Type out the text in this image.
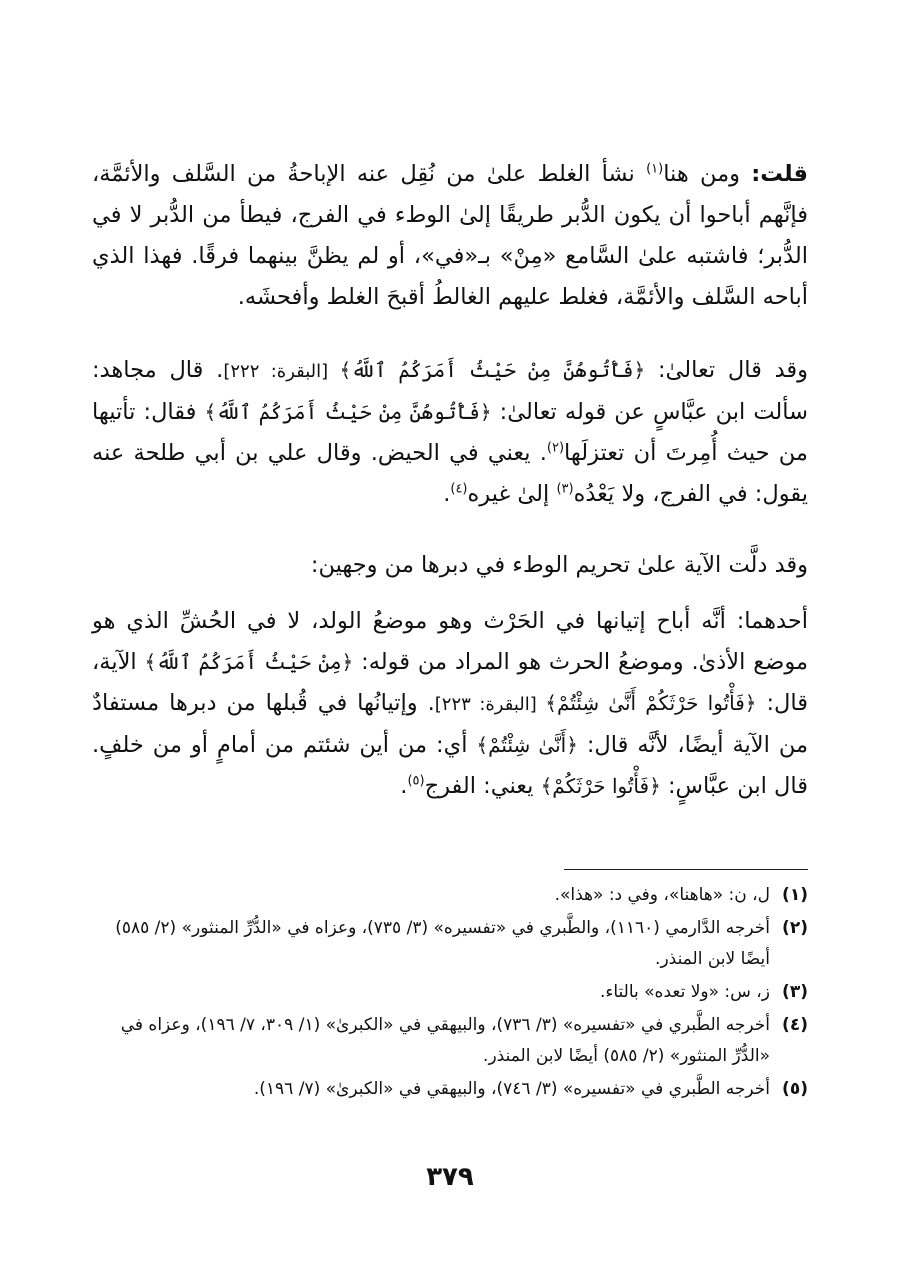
قلت: ومن هنا$^{(١)}$ نشأ الغلط علىٰ من نُقِل عنه الإباحةُ من السَّلف والأئمَّة، فإنَّهم أباحوا أن يكون الدُّبر طريقًا إلىٰ الوطء في الفرج، فيطأ من الدُّبر لا في الدُّبر؛ فاشتبه علىٰ السَّامع «مِنْ» بـ«في»، أو لم يظنَّ بينهما فرقًا. فهذا الذي أباحه السَّلف والأئمَّة، فغلط عليهم الغالطُ أقبحَ الغلط وأفحشَه.

وقد قال تعالىٰ: ﴿فَأْتُوهُنَّ مِنْ حَيْثُ أَمَرَكُمُ ٱللَّهُ﴾ [البقرة: ٢٢٢]. قال مجاهد: سألت ابن عبَّاسٍ عن قوله تعالىٰ: ﴿فَأْتُوهُنَّ مِنْ حَيْثُ أَمَرَكُمُ ٱللَّهُ﴾ فقال: تأتيها من حيث أُمِرتَ أن تعتزلَها$^{(٢)}$. يعني في الحيض. وقال علي بن أبي طلحة عنه يقول: في الفرج، ولا يَعْدُه$^{(٣)}$ إلىٰ غيره$^{(٤)}$.

وقد دلَّت الآية علىٰ تحريم الوطء في دبرها من وجهين:

أحدهما: أنَّه أباح إتيانها في الحَرْث وهو موضعُ الولد، لا في الحُشِّ الذي هو موضع الأذىٰ. وموضعُ الحرث هو المراد من قوله: ﴿مِنْ حَيْثُ أَمَرَكُمُ ٱللَّهُ﴾ الآية، قال: ﴿فَأْتُوا حَرْثَكُمْ أَنَّىٰ شِئْتُمْ﴾ [البقرة: ٢٢٣]. وإتيانُها في قُبلها من دبرها مستفادٌ من الآية أيضًا، لأنَّه قال: ﴿أَنَّىٰ شِئْتُمْ﴾ أي: من أين شئتم من أمامٍ أو من خلفٍ. قال ابن عبَّاسٍ: ﴿فَأْتُوا حَرْثَكُمْ﴾ يعني: الفرج$^{(٥)}$.

(١)
ل، ن: «هاهنا»، وفي د: «هذا».

(٢)
أخرجه الدَّارمي (١١٦٠)، والطَّبري في «تفسيره» (٣/ ٧٣٥)، وعزاه في «الدُّرِّ المنثور» (٢/ ٥٨٥) أيضًا لابن المنذر.

(٣)
ز، س: «ولا تعده» بالتاء.

(٤)
أخرجه الطَّبري في «تفسيره» (٣/ ٧٣٦)، والبيهقي في «الكبرىٰ» (١/ ٣٠٩، ٧/ ١٩٦)، وعزاه في «الدُّرِّ المنثور» (٢/ ٥٨٥) أيضًا لابن المنذر.

(٥)
أخرجه الطَّبري في «تفسيره» (٣/ ٧٤٦)، والبيهقي في «الكبرىٰ» (٧/ ١٩٦).

٣٧٩
